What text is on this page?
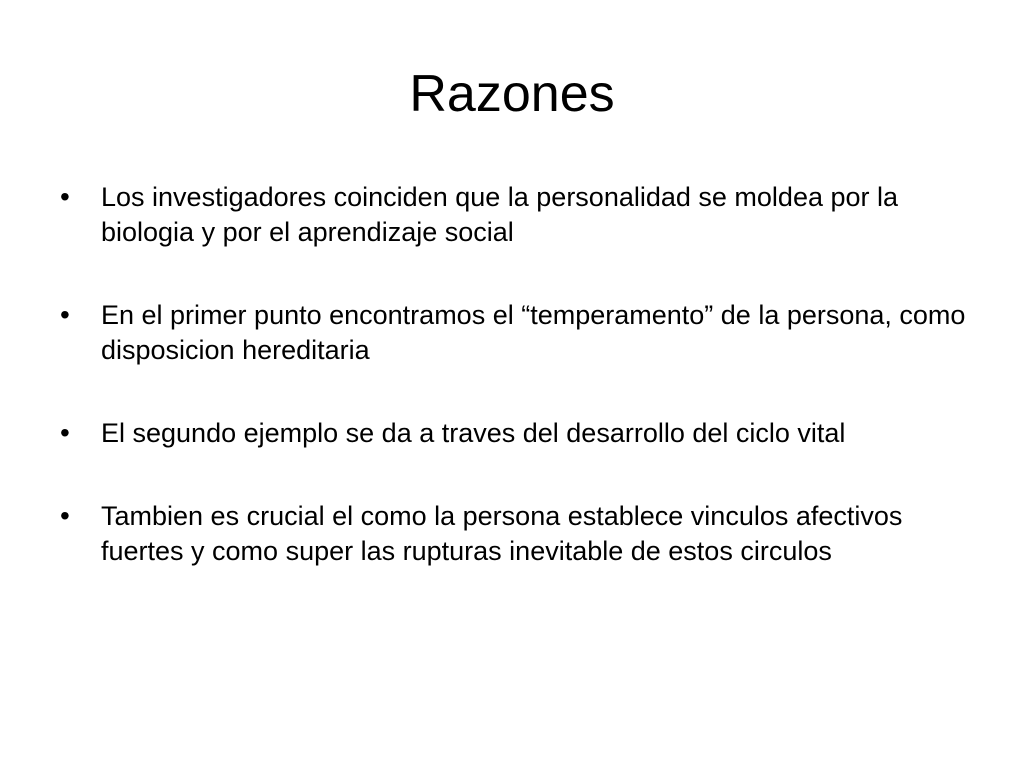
Razones
•	Los investigadores coinciden que la personalidad se moldea por la biologia y por el aprendizaje social
•	En el primer punto encontramos el “temperamento” de la persona, como disposicion hereditaria
•	El segundo ejemplo se da a traves del desarrollo del ciclo vital
•	Tambien es crucial el como la persona establece vinculos afectivos fuertes y como super las rupturas inevitable de estos circulos
